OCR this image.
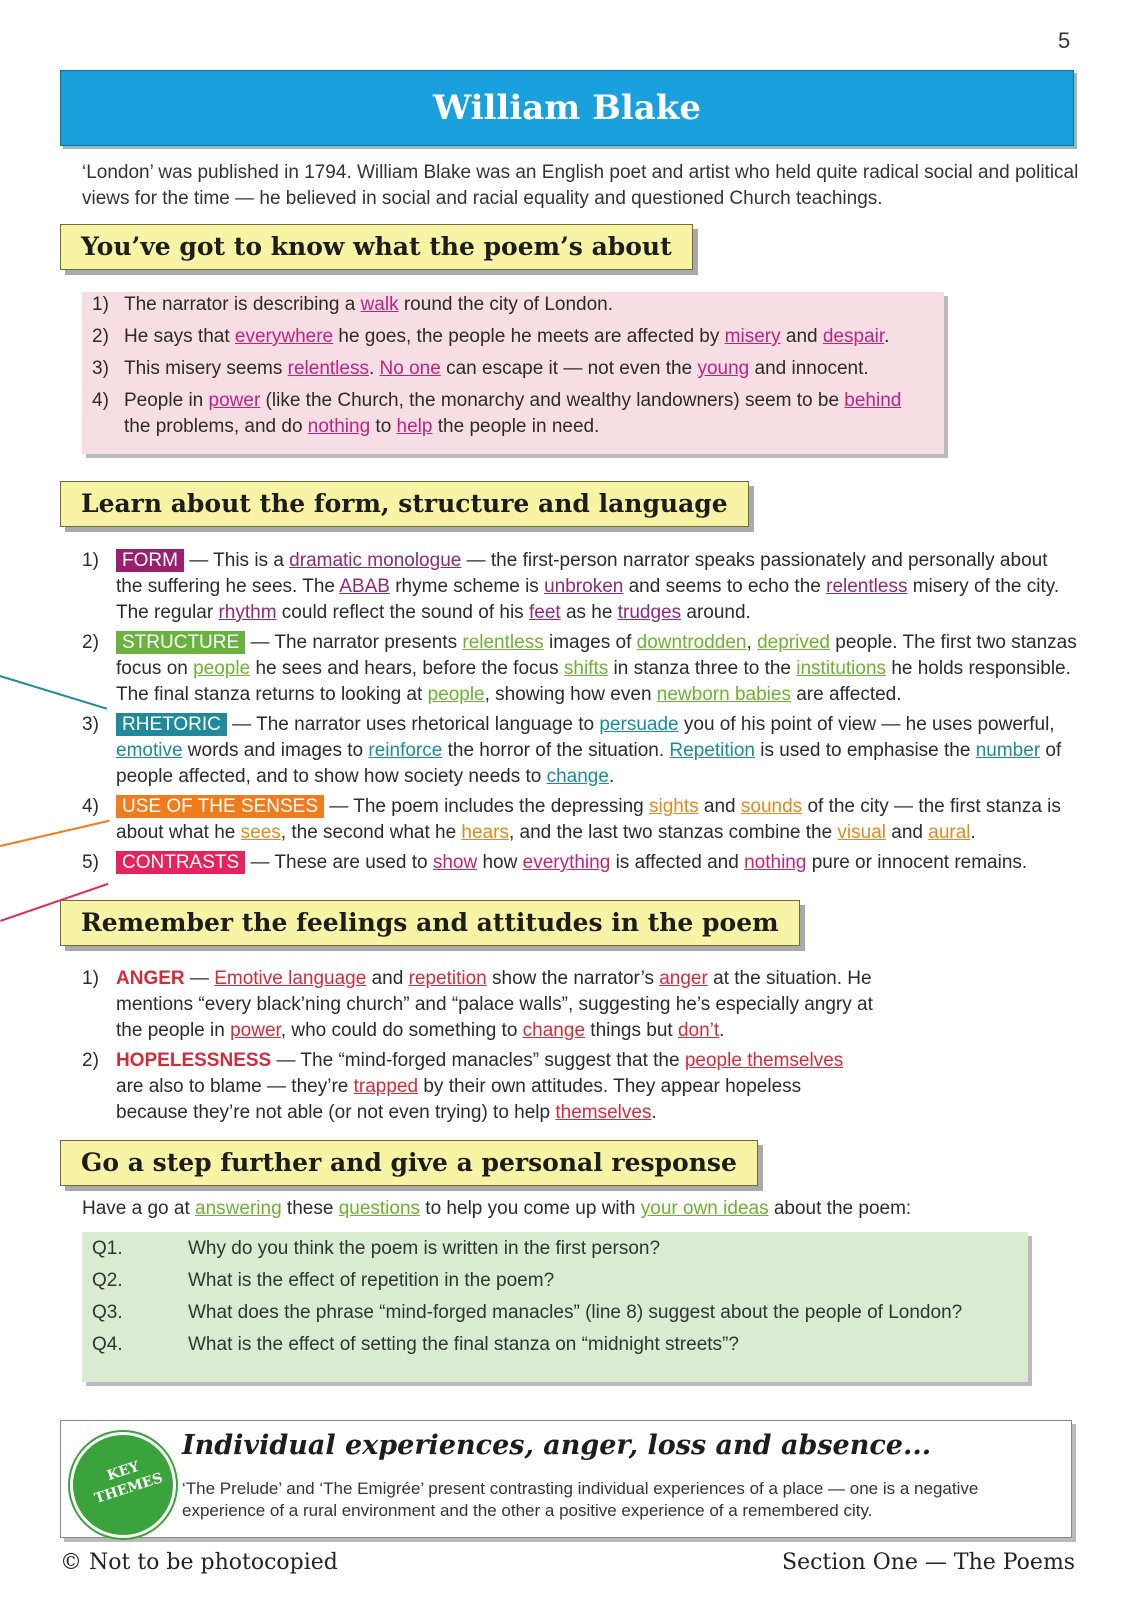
5
William Blake
‘London’ was published in 1794. William Blake was an English poet and artist who held quite radical social and political views for the time — he believed in social and racial equality and questioned Church teachings.
You’ve got to know what the poem’s about
1) The narrator is describing a walk round the city of London.
2) He says that everywhere he goes, the people he meets are affected by misery and despair.
3) This misery seems relentless. No one can escape it — not even the young and innocent.
4) People in power (like the Church, the monarchy and wealthy landowners) seem to be behind the problems, and do nothing to help the people in need.
Learn about the form, structure and language
1) FORM — This is a dramatic monologue — the first-person narrator speaks passionately and personally about the suffering he sees. The ABAB rhyme scheme is unbroken and seems to echo the relentless misery of the city. The regular rhythm could reflect the sound of his feet as he trudges around.
2) STRUCTURE — The narrator presents relentless images of downtrodden, deprived people. The first two stanzas focus on people he sees and hears, before the focus shifts in stanza three to the institutions he holds responsible. The final stanza returns to looking at people, showing how even newborn babies are affected.
3) RHETORIC — The narrator uses rhetorical language to persuade you of his point of view — he uses powerful, emotive words and images to reinforce the horror of the situation. Repetition is used to emphasise the number of people affected, and to show how society needs to change.
4) USE OF THE SENSES — The poem includes the depressing sights and sounds of the city — the first stanza is about what he sees, the second what he hears, and the last two stanzas combine the visual and aural.
5) CONTRASTS — These are used to show how everything is affected and nothing pure or innocent remains.
Remember the feelings and attitudes in the poem
1) ANGER — Emotive language and repetition show the narrator’s anger at the situation. He mentions “every black’ning church” and “palace walls”, suggesting he’s especially angry at the people in power, who could do something to change things but don’t.
2) HOPELESSNESS — The “mind-forged manacles” suggest that the people themselves are also to blame — they’re trapped by their own attitudes. They appear hopeless because they’re not able (or not even trying) to help themselves.
Go a step further and give a personal response
Have a go at answering these questions to help you come up with your own ideas about the poem:
Q1.	Why do you think the poem is written in the first person?
Q2.	What is the effect of repetition in the poem?
Q3.	What does the phrase “mind-forged manacles” (line 8) suggest about the people of London?
Q4.	What is the effect of setting the final stanza on “midnight streets”?
KEY THEMES
Individual experiences, anger, loss and absence...
‘The Prelude’ and ‘The Emigrée’ present contrasting individual experiences of a place — one is a negative experience of a rural environment and the other a positive experience of a remembered city.
© Not to be photocopied	Section One — The Poems
